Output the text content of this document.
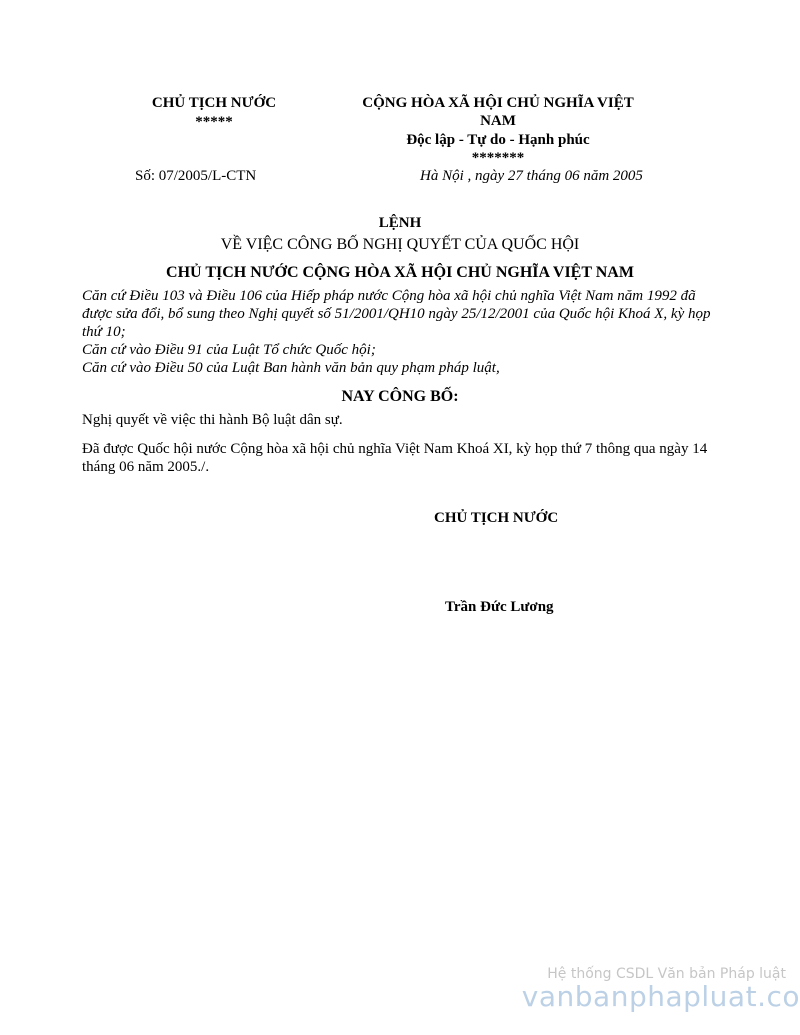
CHỦ TỊCH NƯỚC
*****
CỘNG HÒA XÃ HỘI CHỦ NGHĨA VIỆT
NAM
Độc lập - Tự do - Hạnh phúc
*******
Số: 07/2005/L-CTN	Hà Nội , ngày 27 tháng 06 năm 2005
LỆNH
VỀ VIỆC CÔNG BỐ NGHỊ QUYẾT CỦA QUỐC HỘI
CHỦ TỊCH NƯỚC CỘNG HÒA XÃ HỘI CHỦ NGHĨA VIỆT NAM

Căn cứ Điều 103 và Điều 106 của Hiếp pháp nước Cộng hòa xã hội chủ nghĩa Việt Nam năm 1992 đã được sửa đổi, bổ sung theo Nghị quyết số 51/2001/QH10 ngày 25/12/2001 của Quốc hội Khoá X, kỳ họp thứ 10;

Căn cứ vào Điều 91 của Luật Tổ chức Quốc hội;

Căn cứ vào Điều 50 của Luật Ban hành văn bản quy phạm pháp luật,

NAY CÔNG BỐ:
Nghị quyết về việc thi hành Bộ luật dân sự.
Đã được Quốc hội nước Cộng hòa xã hội chủ nghĩa Việt Nam Khoá XI, kỳ họp thứ 7 thông qua ngày 14 tháng 06 năm 2005./.
CHỦ TỊCH NƯỚC
Trần Đức Lương
Hệ thống CSDL Văn bản Pháp luật
vanbanphapluat.co
